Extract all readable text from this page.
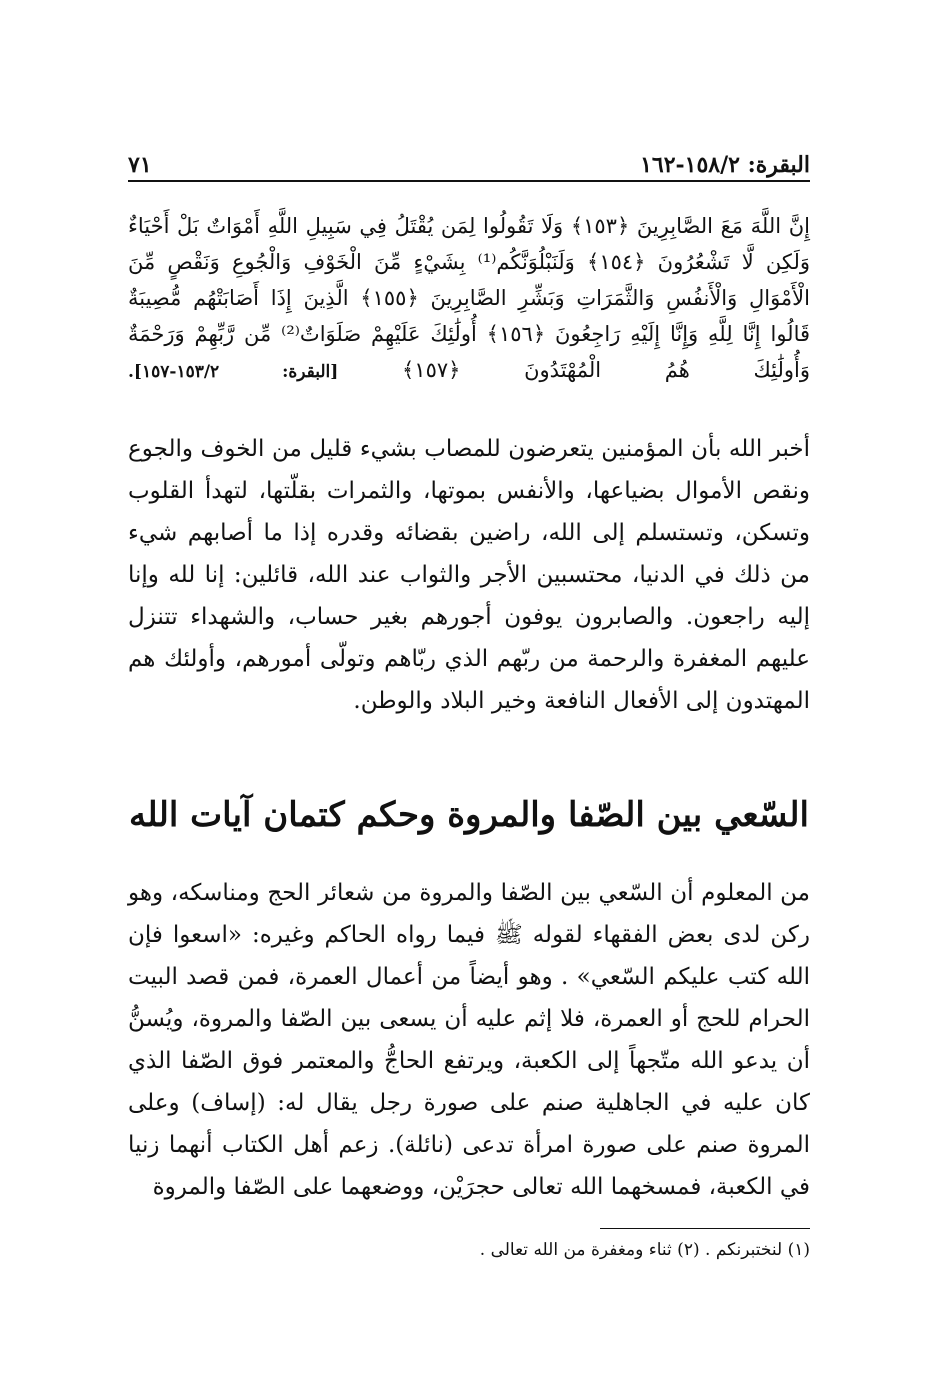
البقرة: ١٥٨/٢-١٦٢
٧١
إِنَّ اللَّهَ مَعَ الصَّابِرِينَ ﴿١٥٣﴾ وَلَا تَقُولُوا لِمَن يُقْتَلُ فِي سَبِيلِ اللَّهِ أَمْوَاتٌ بَلْ أَحْيَاءٌ وَلَكِن لَّا تَشْعُرُونَ ﴿١٥٤﴾ وَلَنَبْلُوَنَّكُم⁽¹⁾ بِشَيْءٍ مِّنَ الْخَوْفِ وَالْجُوعِ وَنَقْصٍ مِّنَ الْأَمْوَالِ وَالْأَنفُسِ وَالثَّمَرَاتِ وَبَشِّرِ الصَّابِرِينَ ﴿١٥٥﴾ الَّذِينَ إِذَا أَصَابَتْهُم مُّصِيبَةٌ قَالُوا إِنَّا لِلَّهِ وَإِنَّا إِلَيْهِ رَاجِعُونَ ﴿١٥٦﴾ أُولَٰئِكَ عَلَيْهِمْ صَلَوَاتٌ⁽²⁾ مِّن رَّبِّهِمْ وَرَحْمَةٌ وَأُولَٰئِكَ هُمُ الْمُهْتَدُونَ ﴿١٥٧﴾ [البقرة: ١٥٣/٢-١٥٧].

أخبر الله بأن المؤمنين يتعرضون للمصاب بشيء قليل من الخوف والجوع ونقص الأموال بضياعها، والأنفس بموتها، والثمرات بقلّتها، لتهدأ القلوب وتسكن، وتستسلم إلى الله، راضين بقضائه وقدره إذا ما أصابهم شيء من ذلك في الدنيا، محتسبين الأجر والثواب عند الله، قائلين: إنا لله وإنا إليه راجعون. والصابرون يوفون أجورهم بغير حساب، والشهداء تتنزل عليهم المغفرة والرحمة من ربّهم الذي ربّاهم وتولّى أمورهم، وأولئك هم المهتدون إلى الأفعال النافعة وخير البلاد والوطن.

السّعي بين الصّفا والمروة وحكم كتمان آيات الله

من المعلوم أن السّعي بين الصّفا والمروة من شعائر الحج ومناسكه، وهو ركن لدى بعض الفقهاء لقوله ﷺ فيما رواه الحاكم وغيره: «اسعوا فإن الله كتب عليكم السّعي» . وهو أيضاً من أعمال العمرة، فمن قصد البيت الحرام للحج أو العمرة، فلا إثم عليه أن يسعى بين الصّفا والمروة، ويُسنُّ أن يدعو الله متّجهاً إلى الكعبة، ويرتفع الحاجُّ والمعتمر فوق الصّفا الذي كان عليه في الجاهلية صنم على صورة رجل يقال له: (إساف) وعلى المروة صنم على صورة امرأة تدعى (نائلة). زعم أهل الكتاب أنهما زنيا في الكعبة، فمسخهما الله تعالى حجرَيْن، ووضعهما على الصّفا والمروة

(١) لنختبرنكم . (٢) ثناء ومغفرة من الله تعالى .
